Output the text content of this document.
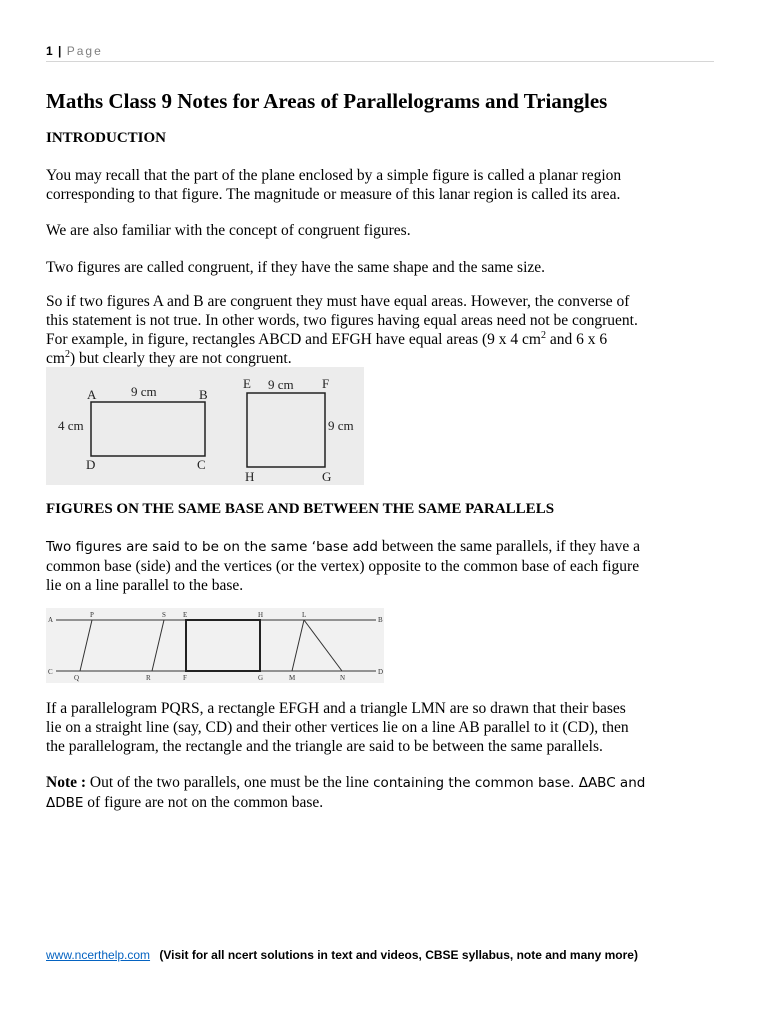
1 | Page
Maths Class 9 Notes for Areas of Parallelograms and Triangles
INTRODUCTION
You may recall that the part of the plane enclosed by a simple figure is called a planar region
corresponding to that figure. The magnitude or measure of this lanar region is called its area.
We are also familiar with the concept of congruent figures.
Two figures are called congruent, if they have the same shape and the same size.
So if two figures A and B are congruent they must have equal areas. However, the converse of
this statement is not true. In other words, two figures having equal areas need not be congruent.
For example, in figure, rectangles ABCD and EFGH have equal areas (9 x 4 $cm^2$ and 6 x 6
$cm^2$) but clearly they are not congruent.
A	B
C
D
9 cm
4 cm
E	F
G
H
9 cm
9 cm
FIGURES ON THE SAME BASE AND BETWEEN THE SAME PARALLELS
Two figures are said to be on the same ‘base add between the same parallels, if they have a
common base (side) and the vertices (or the vertex) opposite to the common base of each figure
lie on a line parallel to the base.
A	B
C	D
P	S
Q	R
E	H
F	G
L
M	N
If a parallelogram PQRS, a rectangle EFGH and a triangle LMN are so drawn that their bases
lie on a straight line (say, CD) and their other vertices lie on a line AB parallel to it (CD), then
the parallelogram, the rectangle and the triangle are said to be between the same parallels.
Note : Out of the two parallels, one must be the line containing the common base. ΔABC and
ΔDBE of figure are not on the common base.
www.ncerthelp.com (Visit for all ncert solutions in text and videos, CBSE syllabus, note and many more)
